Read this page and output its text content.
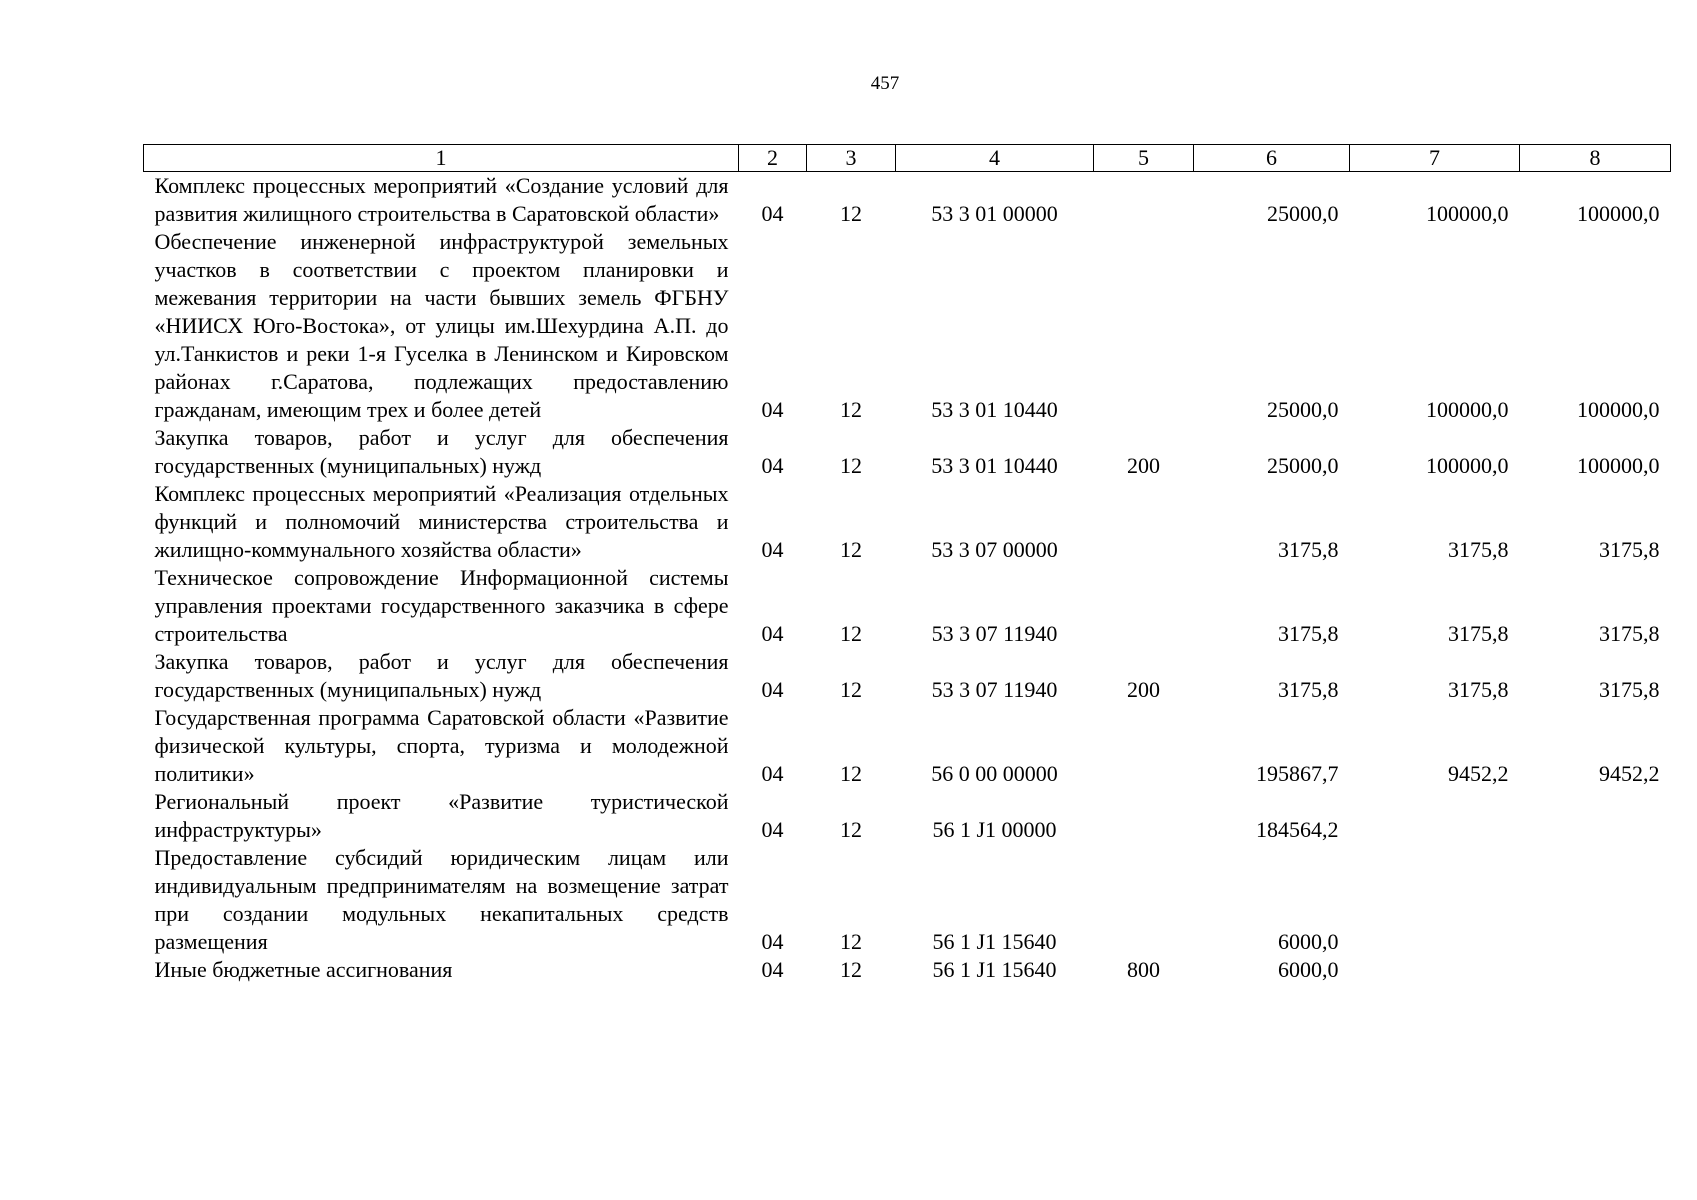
457
1	2	3	4	5	6	7	8
Комплекс процессных мероприятий «Создание условий для развития жилищного строительства в Саратовской области»	04	12	53 3 01 00000		25000,0	100000,0	100000,0
Обеспечение инженерной инфраструктурой земельных участков в соответствии с проектом планировки и межевания территории на части бывших земель ФГБНУ «НИИСХ Юго-Востока», от улицы им.Шехурдина А.П. до ул.Танкистов и реки 1-я Гуселка в Ленинском и Кировском районах г.Саратова, подлежащих предоставлению гражданам, имеющим трех и более детей	04	12	53 3 01 10440		25000,0	100000,0	100000,0
Закупка товаров, работ и услуг для обеспечения государственных (муниципальных) нужд	04	12	53 3 01 10440	200	25000,0	100000,0	100000,0
Комплекс процессных мероприятий «Реализация отдельных функций и полномочий министерства строительства и жилищно-коммунального хозяйства области»	04	12	53 3 07 00000		3175,8	3175,8	3175,8
Техническое сопровождение Информационной системы управления проектами государственного заказчика в сфере строительства	04	12	53 3 07 11940		3175,8	3175,8	3175,8
Закупка товаров, работ и услуг для обеспечения государственных (муниципальных) нужд	04	12	53 3 07 11940	200	3175,8	3175,8	3175,8
Государственная программа Саратовской области «Развитие физической культуры, спорта, туризма и молодежной политики»	04	12	56 0 00 00000		195867,7	9452,2	9452,2
Региональный проект «Развитие туристической инфраструктуры»	04	12	56 1 J1 00000		184564,2		
Предоставление субсидий юридическим лицам или индивидуальным предпринимателям на возмещение затрат при создании модульных некапитальных средств размещения	04	12	56 1 J1 15640		6000,0		
Иные бюджетные ассигнования	04	12	56 1 J1 15640	800	6000,0		
